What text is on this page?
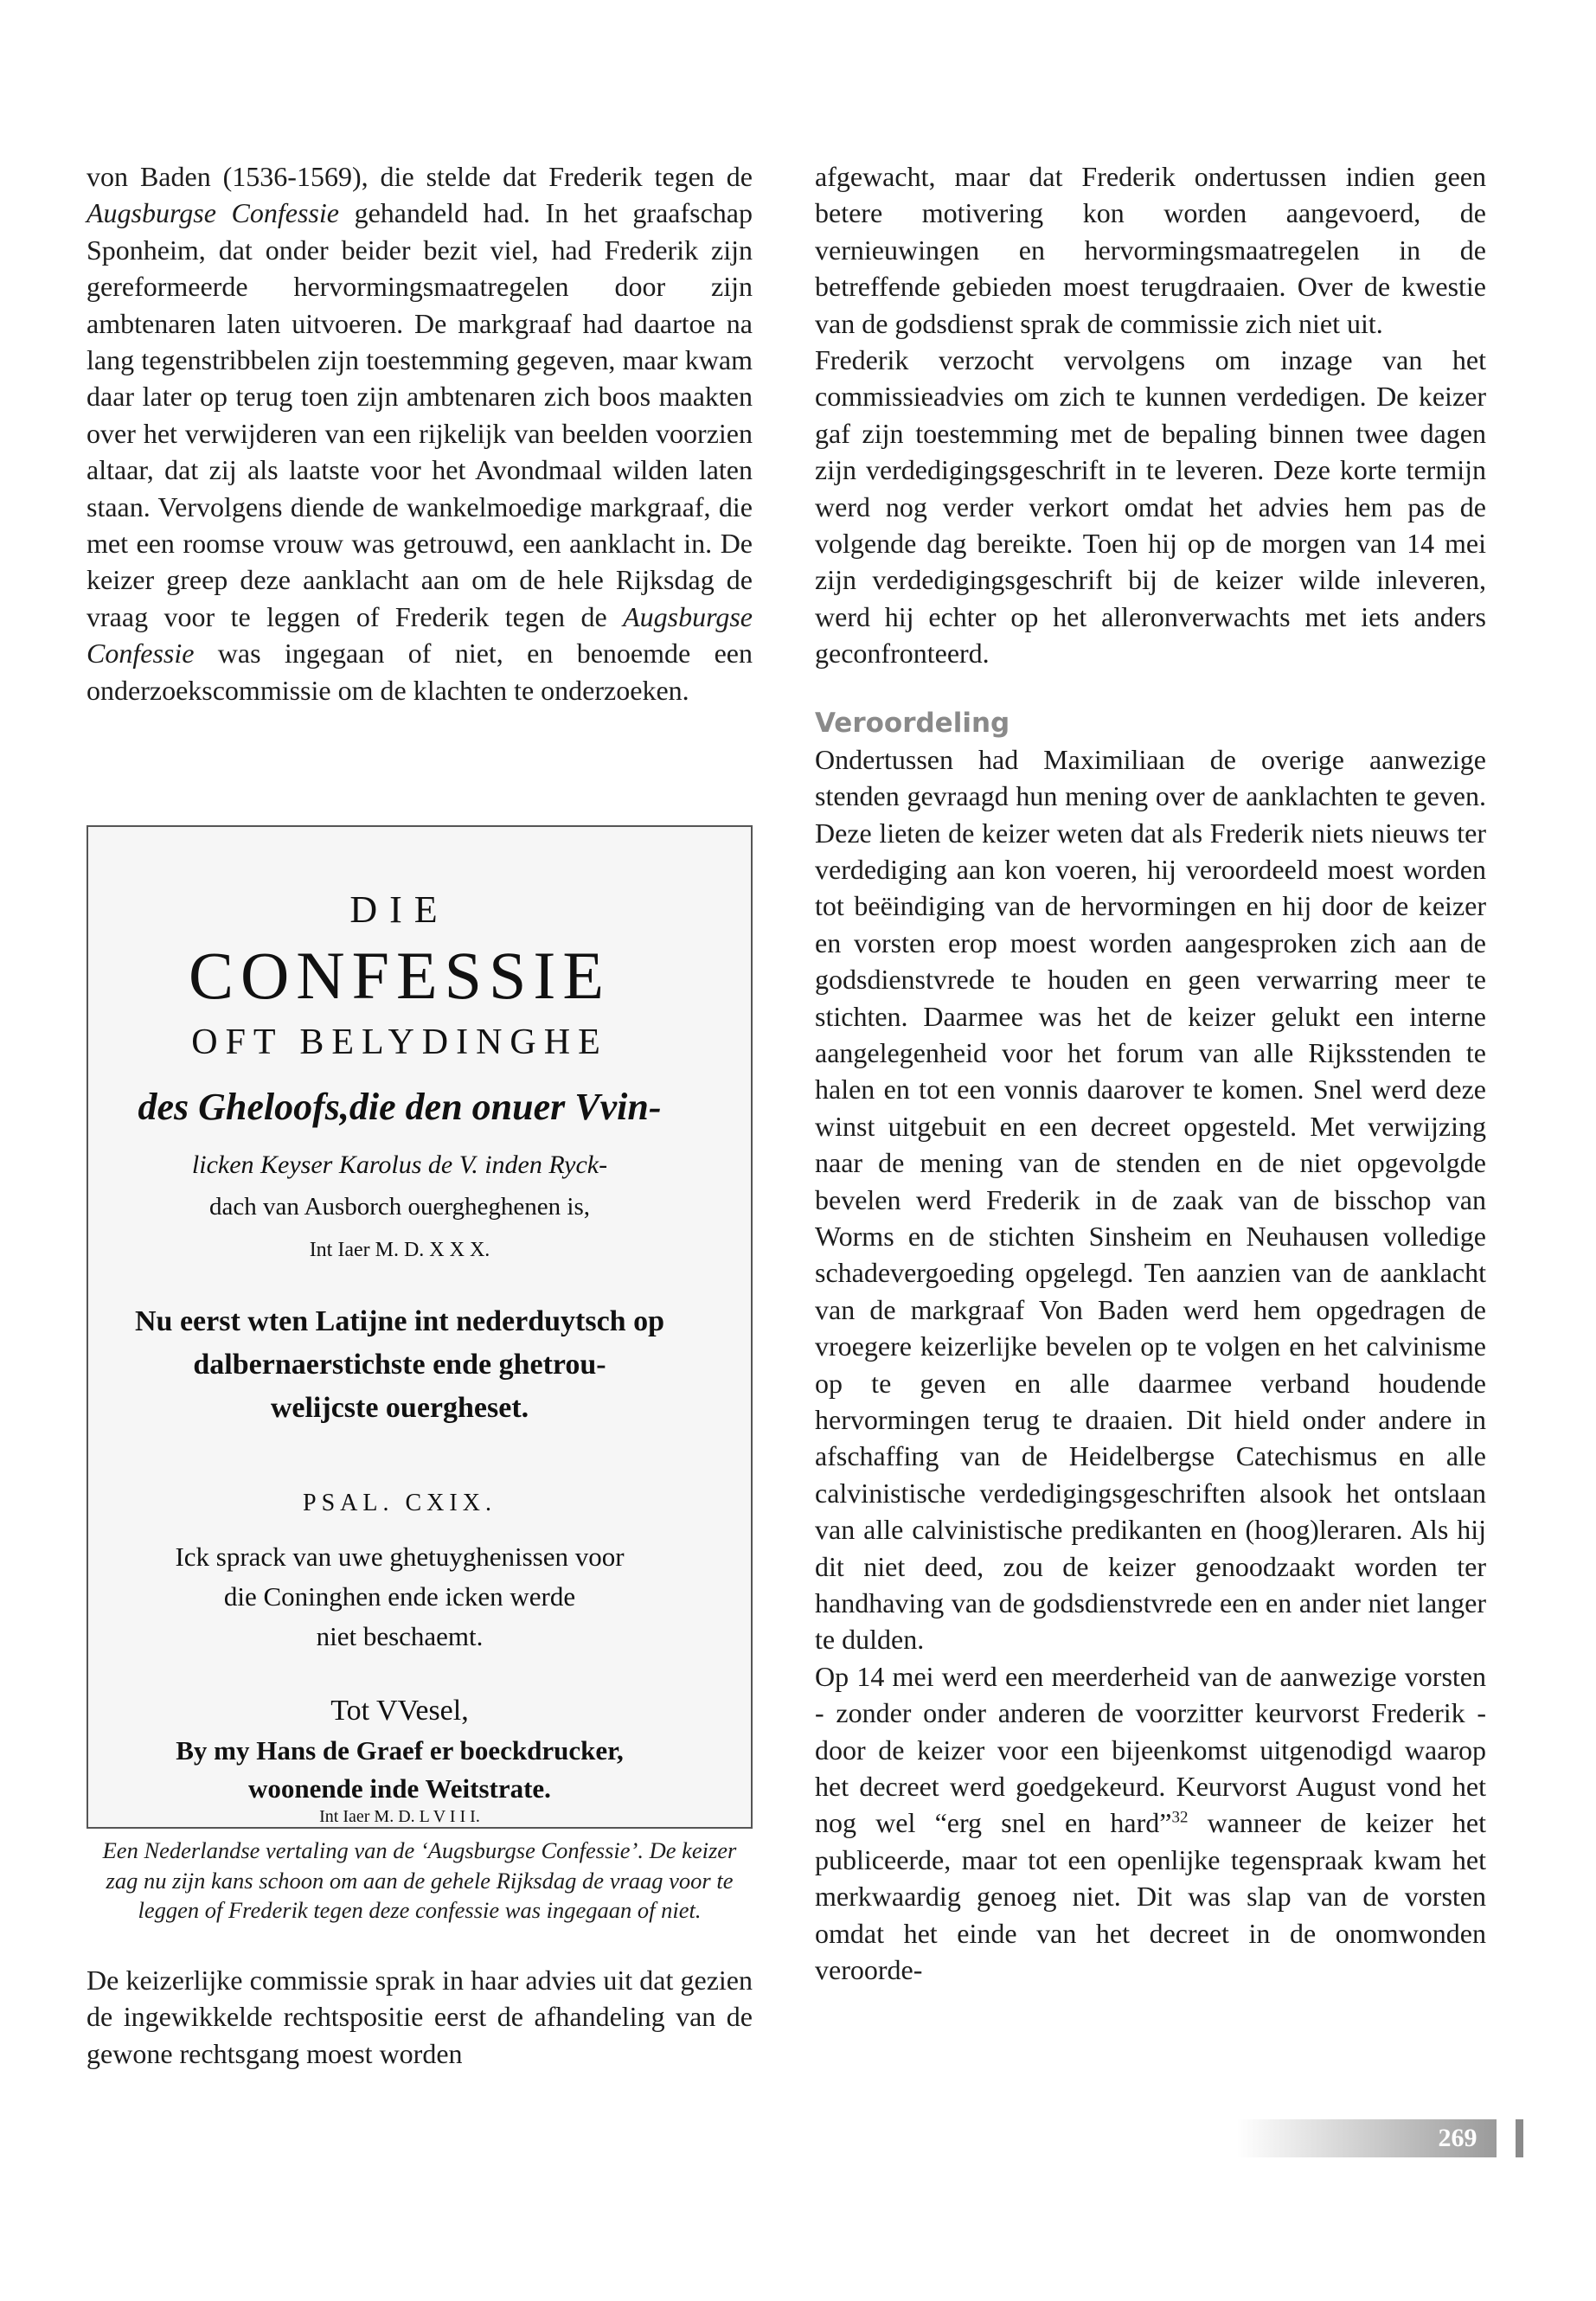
von Baden (1536-1569), die stelde dat Frederik tegen de Augsburgse Confessie gehandeld had. In het graafschap Sponheim, dat onder beider bezit viel, had Frederik zijn gereformeerde hervormingsmaatregelen door zijn ambtenaren laten uitvoeren. De markgraaf had daartoe na lang tegenstribbelen zijn toestemming gegeven, maar kwam daar later op terug toen zijn ambtenaren zich boos maakten over het verwijderen van een rijkelijk van beelden voorzien altaar, dat zij als laatste voor het Avondmaal wilden laten staan. Vervolgens diende de wankelmoedige markgraaf, die met een roomse vrouw was getrouwd, een aanklacht in. De keizer greep deze aanklacht aan om de hele Rijksdag de vraag voor te leggen of Frederik tegen de Augsburgse Confessie was ingegaan of niet, en benoemde een onderzoekscommissie om de klachten te onderzoeken.

DIE
CONFESSIE
OFT BELYDINGHE
des Gheloofs,die den onuer Vvin-
licken Keyser Karolus de V. inden Ryck-
dach van Ausborch ouergheghenen is,
Int Iaer M. D. X X X.
Nu eerst wten Latijne int nederduytsch op
dalbernaerstichste ende ghetrou-
welijcste ouergheset.
PSAL. CXIX.
Ick sprack van uwe ghetuyghenissen voor
die Coninghen ende icken werde
niet beschaemt.
Tot VVesel,
By my Hans de Graef er boeckdrucker,
woonende inde Weitstrate.
Int Iaer M. D. L V I I I.

Een Nederlandse vertaling van de ‘Augsburgse Confessie’. De keizer zag nu zijn kans schoon om aan de gehele Rijksdag de vraag voor te leggen of Frederik tegen deze confessie was ingegaan of niet.

De keizerlijke commissie sprak in haar advies uit dat gezien de ingewikkelde rechtspositie eerst de afhandeling van de gewone rechtsgang moest worden

afgewacht, maar dat Frederik ondertussen indien geen betere motivering kon worden aangevoerd, de vernieuwingen en hervormingsmaatregelen in de betreffende gebieden moest terugdraaien. Over de kwestie van de godsdienst sprak de commissie zich niet uit.

Frederik verzocht vervolgens om inzage van het commissieadvies om zich te kunnen verdedigen. De keizer gaf zijn toestemming met de bepaling binnen twee dagen zijn verdedigingsgeschrift in te leveren. Deze korte termijn werd nog verder verkort omdat het advies hem pas de volgende dag bereikte. Toen hij op de morgen van 14 mei zijn verdedigingsgeschrift bij de keizer wilde inleveren, werd hij echter op het alleronverwachts met iets anders geconfronteerd.

Veroordeling

Ondertussen had Maximiliaan de overige aanwezige stenden gevraagd hun mening over de aanklachten te geven. Deze lieten de keizer weten dat als Frederik niets nieuws ter verdediging aan kon voeren, hij veroordeeld moest worden tot beëindiging van de hervormingen en hij door de keizer en vorsten erop moest worden aangesproken zich aan de godsdienstvrede te houden en geen verwarring meer te stichten. Daarmee was het de keizer gelukt een interne aangelegenheid voor het forum van alle Rijksstenden te halen en tot een vonnis daarover te komen. Snel werd deze winst uitgebuit en een decreet opgesteld. Met verwijzing naar de mening van de stenden en de niet opgevolgde bevelen werd Frederik in de zaak van de bisschop van Worms en de stichten Sinsheim en Neuhausen volledige schadevergoeding opgelegd. Ten aanzien van de aanklacht van de markgraaf Von Baden werd hem opgedragen de vroegere keizerlijke bevelen op te volgen en het calvinisme op te geven en alle daarmee verband houdende hervormingen terug te draaien. Dit hield onder andere in afschaffing van de Heidelbergse Catechismus en alle calvinistische verdedigingsgeschriften alsook het ontslaan van alle calvinistische predikanten en (hoog)leraren. Als hij dit niet deed, zou de keizer genoodzaakt worden ter handhaving van de godsdienstvrede een en ander niet langer te dulden.

Op 14 mei werd een meerderheid van de aanwezige vorsten - zonder onder anderen de voorzitter keurvorst Frederik - door de keizer voor een bijeenkomst uitgenodigd waarop het decreet werd goedgekeurd. Keurvorst August vond het nog wel “erg snel en hard”$^{32}$ wanneer de keizer het publiceerde, maar tot een openlijke tegenspraak kwam het merkwaardig genoeg niet. Dit was slap van de vorsten omdat het einde van het decreet in de onomwonden veroorde-

269
